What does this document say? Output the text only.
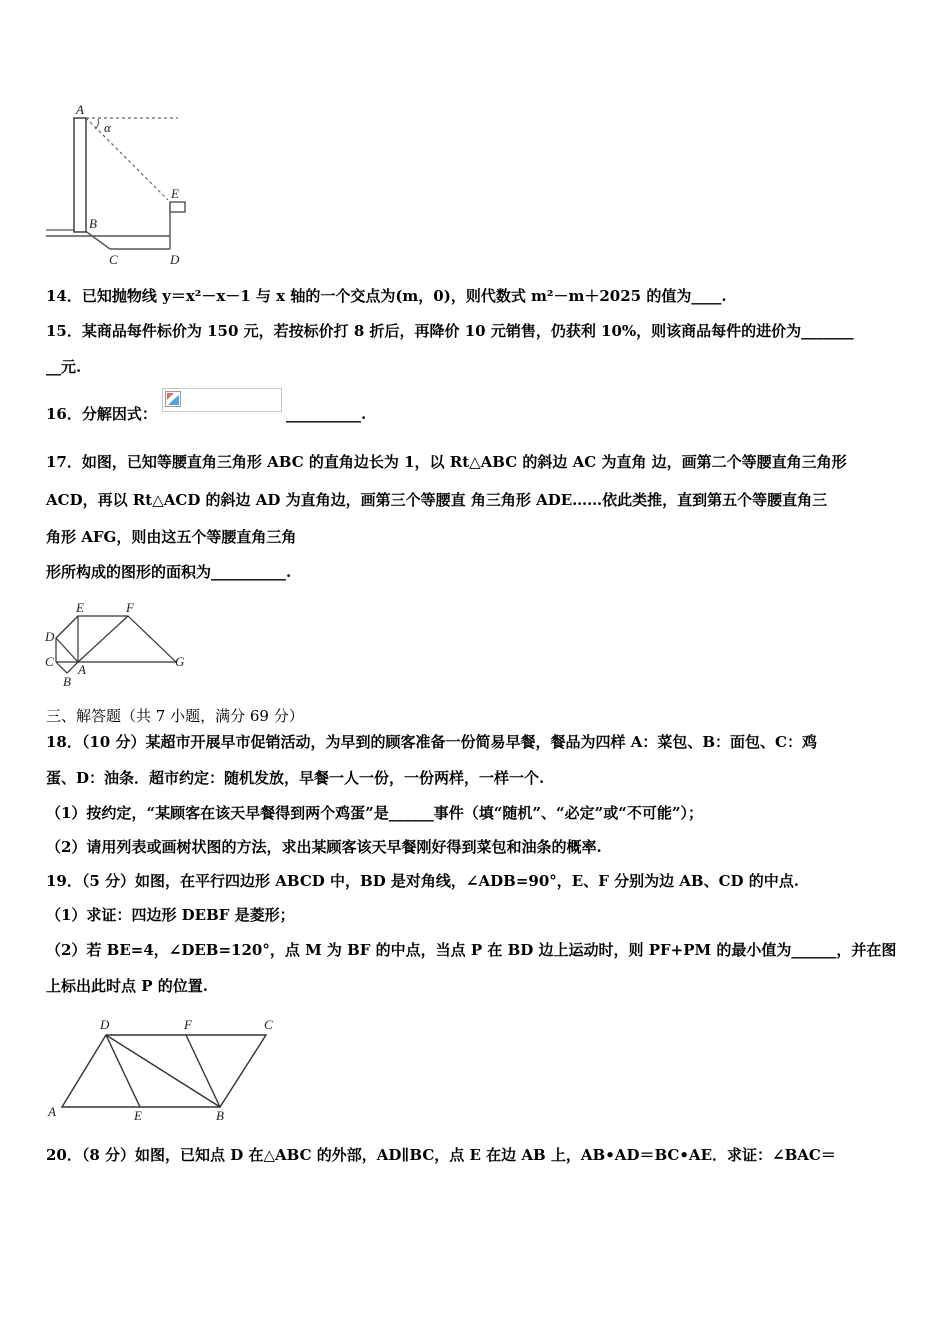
A
α
E
B
C	D
14．已知抛物线 y＝x²－x－1 与 x 轴的一个交点为(m，0)，则代数式 m²－m＋2025 的值为____.
15．某商品每件标价为 150 元，若按标价打 8 折后，再降价 10 元销售，仍获利 10%，则该商品每件的进价为_______
__元.
16．分解因式：	__________.
17．如图，已知等腰直角三角形 ABC 的直角边长为 1，以 Rt△ABC 的斜边 AC 为直角 边，画第二个等腰直角三角形
ACD，再以 Rt△ACD 的斜边 AD 为直角边，画第三个等腰直 角三角形 ADE……依此类推，直到第五个等腰直角三
角形 AFG，则由这五个等腰直角三角
形所构成的图形的面积为__________.
E	F
D
C
A
G
B
三、解答题（共 7 小题，满分 69 分）
18．（10 分）某超市开展早市促销活动，为早到的顾客准备一份简易早餐，餐品为四样 A：菜包、B：面包、C：鸡
蛋、D：油条．超市约定：随机发放，早餐一人一份，一份两样，一样一个.
（1）按约定，“某顾客在该天早餐得到两个鸡蛋”是______事件（填“随机”、“必定”或“不可能”）；
（2）请用列表或画树状图的方法，求出某顾客该天早餐刚好得到菜包和油条的概率.
19．（5 分）如图，在平行四边形 ABCD 中，BD 是对角线，∠ADB=90°，E、F 分别为边 AB、CD 的中点.
（1）求证：四边形 DEBF 是菱形；
（2）若 BE=4，∠DEB=120°，点 M 为 BF 的中点，当点 P 在 BD 边上运动时，则 PF+PM 的最小值为______，并在图
上标出此时点 P 的位置.
D	F	C
A	E	B
20．（8 分）如图，已知点 D 在△ABC 的外部，AD∥BC，点 E 在边 AB 上，AB•AD＝BC•AE．求证：∠BAC＝
